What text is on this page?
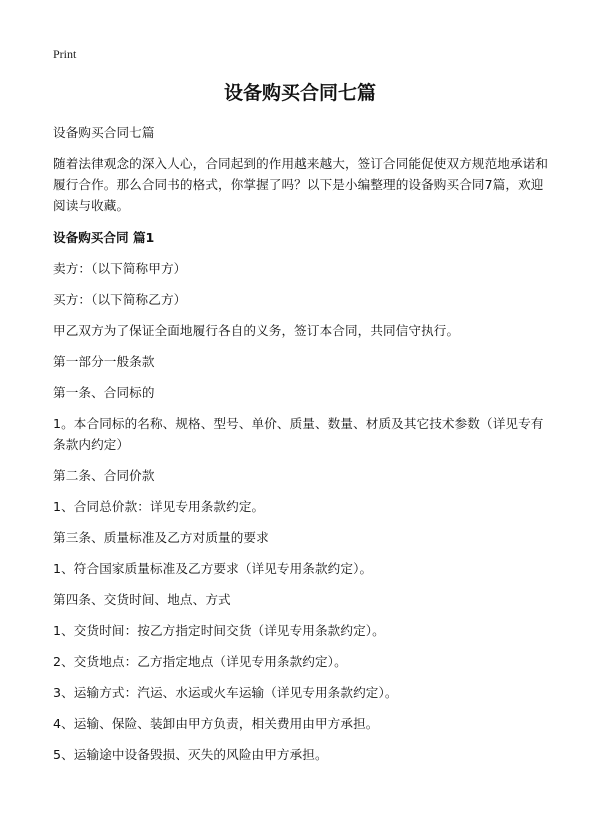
Print
设备购买合同七篇

设备购买合同七篇

随着法律观念的深入人心，合同起到的作用越来越大，签订合同能促使双方规范地承诺和履行合作。那么合同书的格式，你掌握了吗？以下是小编整理的设备购买合同7篇，欢迎阅读与收藏。

设备购买合同 篇1

卖方：（以下简称甲方）

买方：（以下简称乙方）

甲乙双方为了保证全面地履行各自的义务，签订本合同，共同信守执行。

第一部分一般条款

第一条、合同标的

1。本合同标的名称、规格、型号、单价、质量、数量、材质及其它技术参数（详见专有条款内约定）

第二条、合同价款

1、合同总价款：详见专用条款约定。

第三条、质量标准及乙方对质量的要求

1、符合国家质量标准及乙方要求（详见专用条款约定）。

第四条、交货时间、地点、方式

1、交货时间：按乙方指定时间交货（详见专用条款约定）。

2、交货地点：乙方指定地点（详见专用条款约定）。

3、运输方式：汽运、水运或火车运输（详见专用条款约定）。

4、运输、保险、装卸由甲方负责，相关费用由甲方承担。

5、运输途中设备毁损、灭失的风险由甲方承担。
